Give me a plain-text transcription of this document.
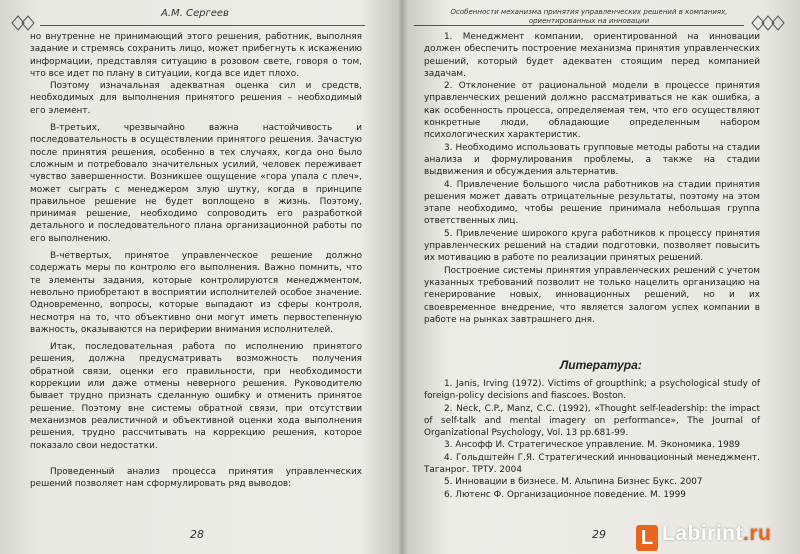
А.М. Сергеев

но внутренне не принимающий этого решения, работник, выполняя задание и стремясь сохранить лицо, может прибегнуть к искажению информации, представляя ситуацию в розовом свете, говоря о том, что все идет по плану в ситуации, когда все идет плохо.

Поэтому изначальная адекватная оценка сил и средств, необходимых для выполнения принятого решения – необходимый его элемент.

В-третьих, чрезвычайно важна настойчивость и последовательность в осуществлении принятого решения. Зачастую после принятия решения, особенно в тех случаях, когда оно было сложным и потребовало значительных усилий, человек переживает чувство завершенности. Возникшее ощущение «гора упала с плеч», может сыграть с менеджером злую шутку, когда в принципе правильное решение не будет воплощено в жизнь. Поэтому, принимая решение, необходимо сопроводить его разработкой детального и последовательного плана организационной работы по его выполнению.

В-четвертых, принятое управленческое решение должно содержать меры по контролю его выполнения. Важно помнить, что те элементы задания, которые контролируются менеджментом, невольно приобретают в восприятии исполнителей особое значение. Одновременно, вопросы, которые выпадают из сферы контроля, несмотря на то, что объективно они могут иметь первостепенную важность, оказываются на периферии внимания исполнителей.

Итак, последовательная работа по исполнению принятого решения, должна предусматривать возможность получения обратной связи, оценки его правильности, при необходимости коррекции или даже отмены неверного решения. Руководителю бывает трудно признать сделанную ошибку и отменить принятое решение. Поэтому вне системы обратной связи, при отсутствии механизмов реалистичной и объективной оценки хода выполнения решения, трудно рассчитывать на коррекцию решения, которое показало свои недостатки.

Проведенный анализ процесса принятия управленческих решений позволяет нам сформулировать ряд выводов:

28
Особенности механизма принятия управленческих решений в компаниях,
ориентированных на инновации

1. Менеджмент компании, ориентированной на инновации должен обеспечить построение механизма принятия управленческих решений, который будет адекватен стоящим перед компанией задачам.

2. Отклонение от рациональной модели в процессе принятия управленческих решений должно рассматриваться не как ошибка, а как особенность процесса, определяемая тем, что его осуществляют конкретные люди, обладающие определенным набором психологических характеристик.

3. Необходимо использовать групповые методы работы на стадии анализа и формулирования проблемы, а также на стадии выдвижения и обсуждения альтернатив.

4. Привлечение большого числа работников на стадии принятия решения может давать отрицательные результаты, поэтому на этом этапе необходимо, чтобы решение принимала небольшая группа ответственных лиц.

5. Привлечение широкого круга работников к процессу принятия управленческих решений на стадии подготовки, позволяет повысить их мотивацию в работе по реализации принятых решений.

Построение системы принятия управленческих решений с учетом указанных требований позволит не только нацелить организацию на генерирование новых, инновационных решений, но и их своевременное внедрение, что является залогом успех компании в работе на рынках завтрашнего дня.

Литература:

1. Janis, Irving (1972). Victims of groupthink; a psychological study of foreign-policy decisions and fiascoes. Boston.

2. Neck, C.P., Manz, C.C. (1992), «Thought self-leadership: the impact of self-talk and mental imagery on performance», The Journal of Organizational Psychology, Vol. 13 pp.681-99.

3. Ансофф И. Стратегическое управление. М. Экономика. 1989

4. Гольдштейн Г.Я. Стратегический инновационный менеджмент. Таганрог. ТРТУ. 2004

5. Инновации в бизнесе. М. Альпина Бизнес Букс. 2007

6. Лютенс Ф. Организационное поведение. М. 1999

29 L Labirint.ru
